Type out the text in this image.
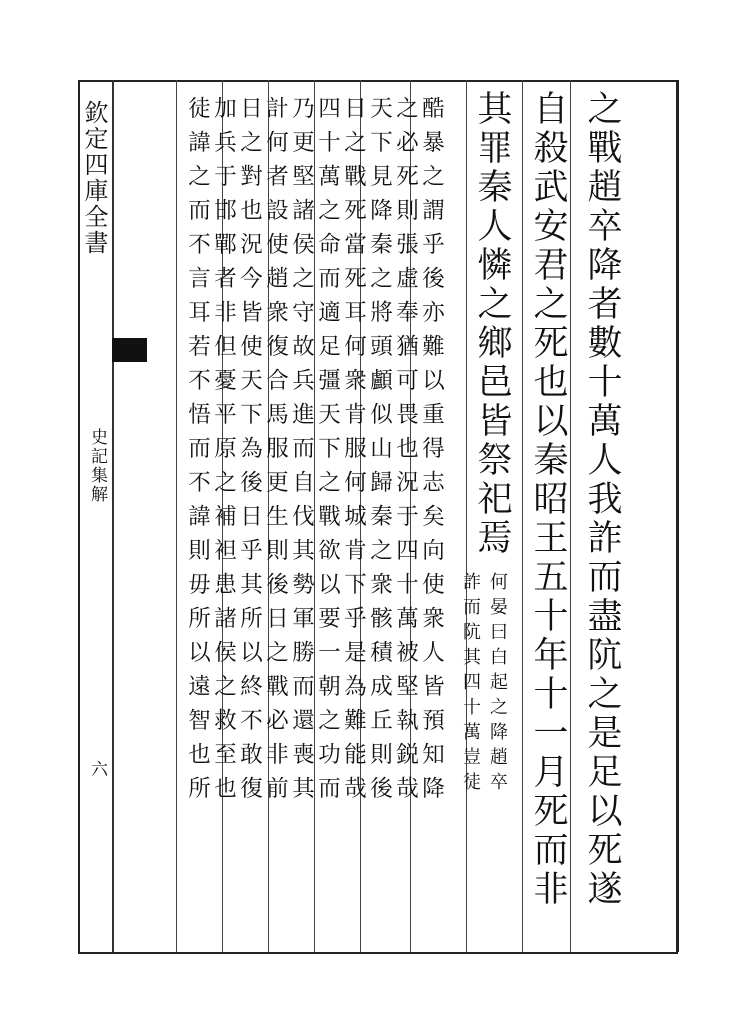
欽定四庫全書
史記集解
六	之戰趙卒降者數十萬人我詐而盡阬之是足以死遂
自殺武安君之死也以秦昭王五十年十一月死而非
其罪秦人憐之鄉邑皆祭祀焉
何晏曰白起之降趙卒
詐而阬其四十萬豈徒
酷暴之謂乎後亦難以重得志矣向使衆人皆預知降
之必死則張虛奉猶可畏也況于四十萬被堅執鋭哉
天下見降秦之將頭顱似山歸秦之衆骸積成丘則後
日之戰死當死耳何衆肯服何城肯下乎是為難能哉
四十萬之命而適足彊天下之戰欲以要一朝之功而
乃更堅諸侯之守故兵進而自伐其勢軍勝而還喪其
計何者設使趙衆復合馬服更生則後日之戰必非前
日之對也況今皆使天下為後日乎其所以終不敢復
加兵于邯鄲者非但憂平原之補袒患諸侯之救至也
徒諱之而不言耳若不悟而不諱則毋所以遠智也所
